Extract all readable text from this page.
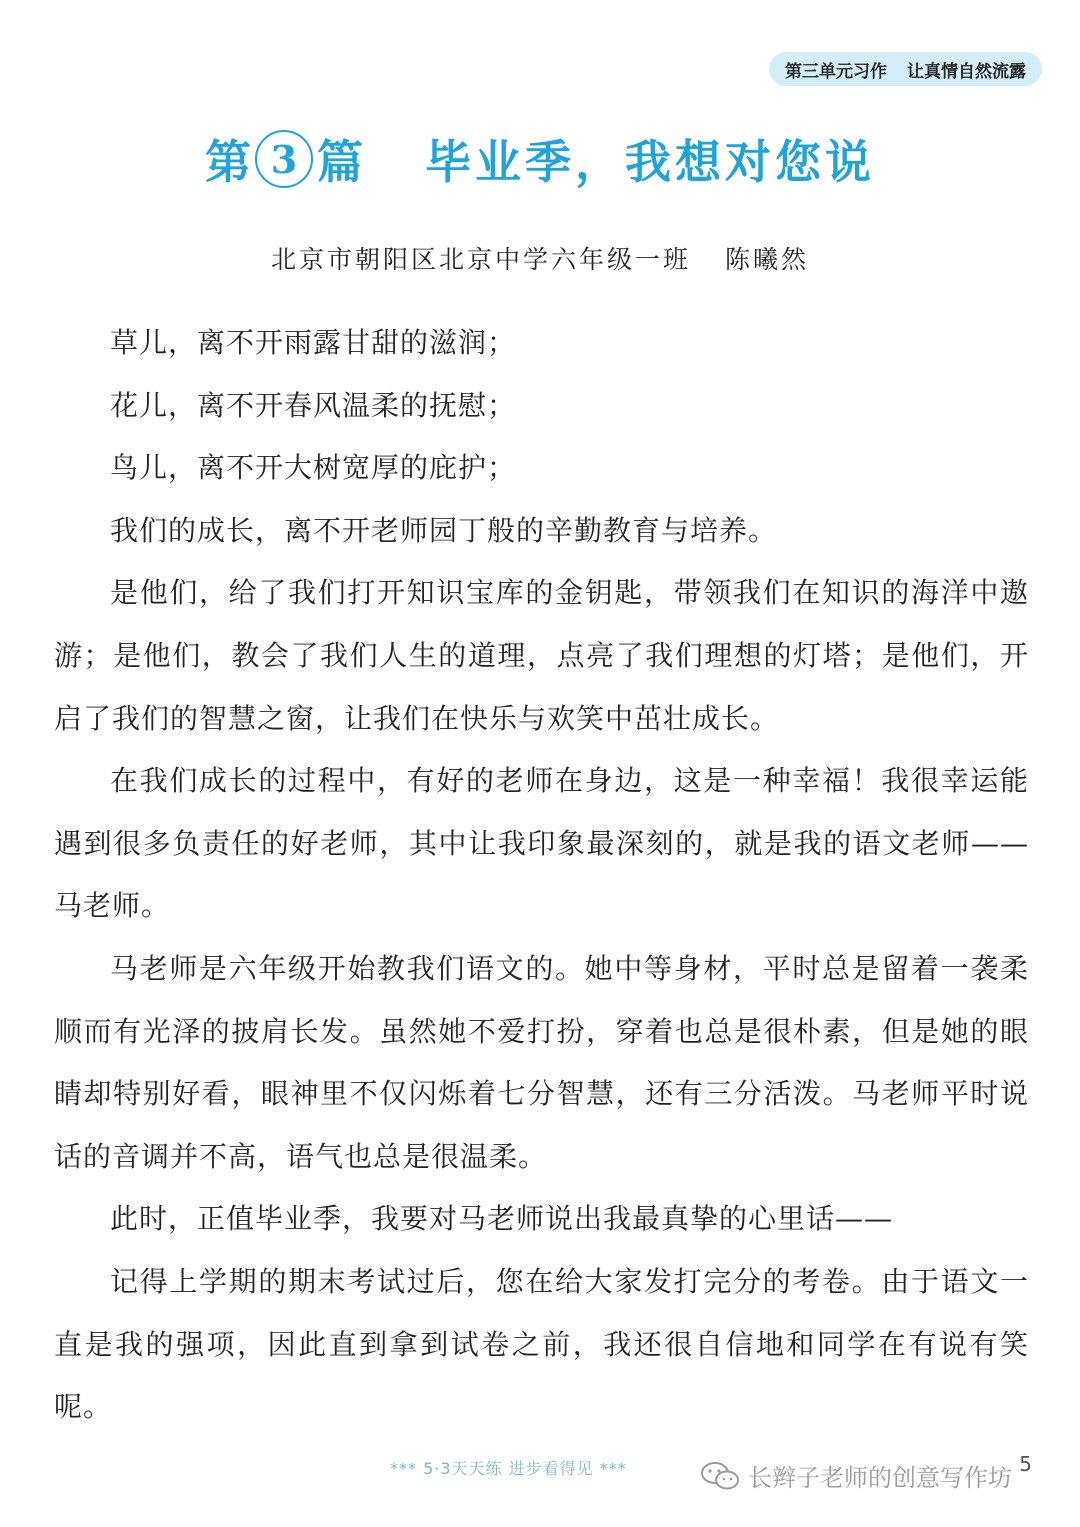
第三单元习作 让真情自然流露
第 3 篇 毕业季，我想对您说
北京市朝阳区北京中学六年级一班 陈曦然

草儿，离不开雨露甘甜的滋润；

花儿，离不开春风温柔的抚慰；

鸟儿，离不开大树宽厚的庇护；

我们的成长，离不开老师园丁般的辛勤教育与培养。

是他们，给了我们打开知识宝库的金钥匙，带领我们在知识的海洋中遨游；是他们，教会了我们人生的道理，点亮了我们理想的灯塔；是他们，开启了我们的智慧之窗，让我们在快乐与欢笑中茁壮成长。

在我们成长的过程中，有好的老师在身边，这是一种幸福！我很幸运能遇到很多负责任的好老师，其中让我印象最深刻的，就是我的语文老师——马老师。

马老师是六年级开始教我们语文的。她中等身材，平时总是留着一袭柔顺而有光泽的披肩长发。虽然她不爱打扮，穿着也总是很朴素，但是她的眼睛却特别好看，眼神里不仅闪烁着七分智慧，还有三分活泼。马老师平时说话的音调并不高，语气也总是很温柔。

此时，正值毕业季，我要对马老师说出我最真挚的心里话——

记得上学期的期末考试过后，您在给大家发打完分的考卷。由于语文一直是我的强项，因此直到拿到试卷之前，我还很自信地和同学在有说有笑呢。

*** 5·3天天练 进步看得见 ***	长辫子老师的创意写作坊 5
